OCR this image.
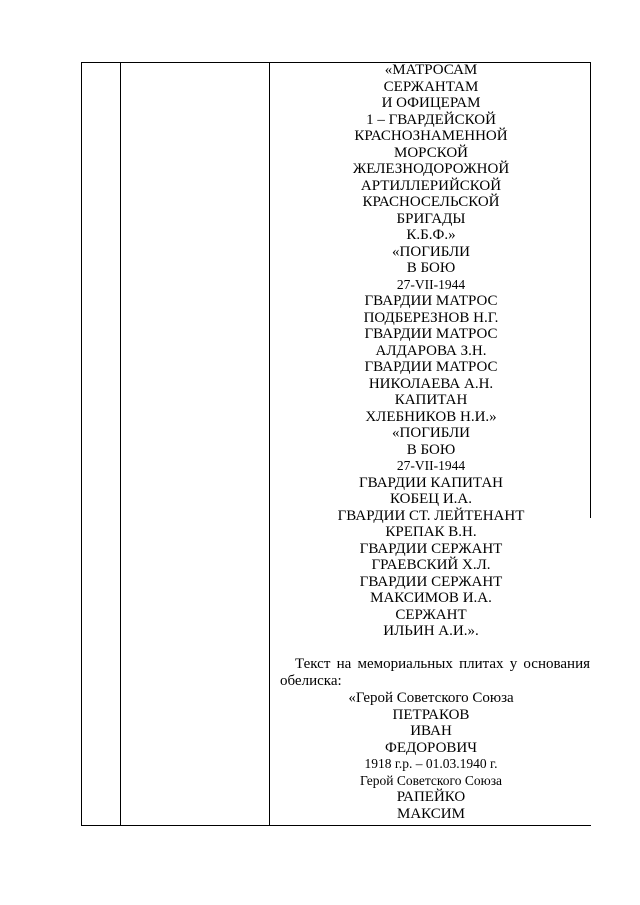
«МАТРОСАМ
СЕРЖАНТАМ
И ОФИЦЕРАМ
1 – ГВАРДЕЙСКОЙ
КРАСНОЗНАМЕННОЙ
МОРСКОЙ
ЖЕЛЕЗНОДОРОЖНОЙ
АРТИЛЛЕРИЙСКОЙ
КРАСНОСЕЛЬСКОЙ
БРИГАДЫ
К.Б.Ф.»
«ПОГИБЛИ
В БОЮ
27-VII-1944
ГВАРДИИ МАТРОС
ПОДБЕРЕЗНОВ Н.Г.
ГВАРДИИ МАТРОС
АЛДАРОВА З.Н.
ГВАРДИИ МАТРОС
НИКОЛАЕВА А.Н.
КАПИТАН
ХЛЕБНИКОВ Н.И.»
«ПОГИБЛИ
В БОЮ
27-VII-1944
ГВАРДИИ КАПИТАН
КОБЕЦ И.А.
ГВАРДИИ СТ. ЛЕЙТЕНАНТ
КРЕПАК В.Н.
ГВАРДИИ СЕРЖАНТ
ГРАЕВСКИЙ Х.Л.
ГВАРДИИ СЕРЖАНТ
МАКСИМОВ И.А.
СЕРЖАНТ
ИЛЬИН А.И.».

Текст на мемориальных плитах у основания обелиска:

«Герой Советского Союза
ПЕТРАКОВ
ИВАН
ФЕДОРОВИЧ
1918 г.р. – 01.03.1940 г.
Герой Советского Союза
РАПЕЙКО
МАКСИМ
